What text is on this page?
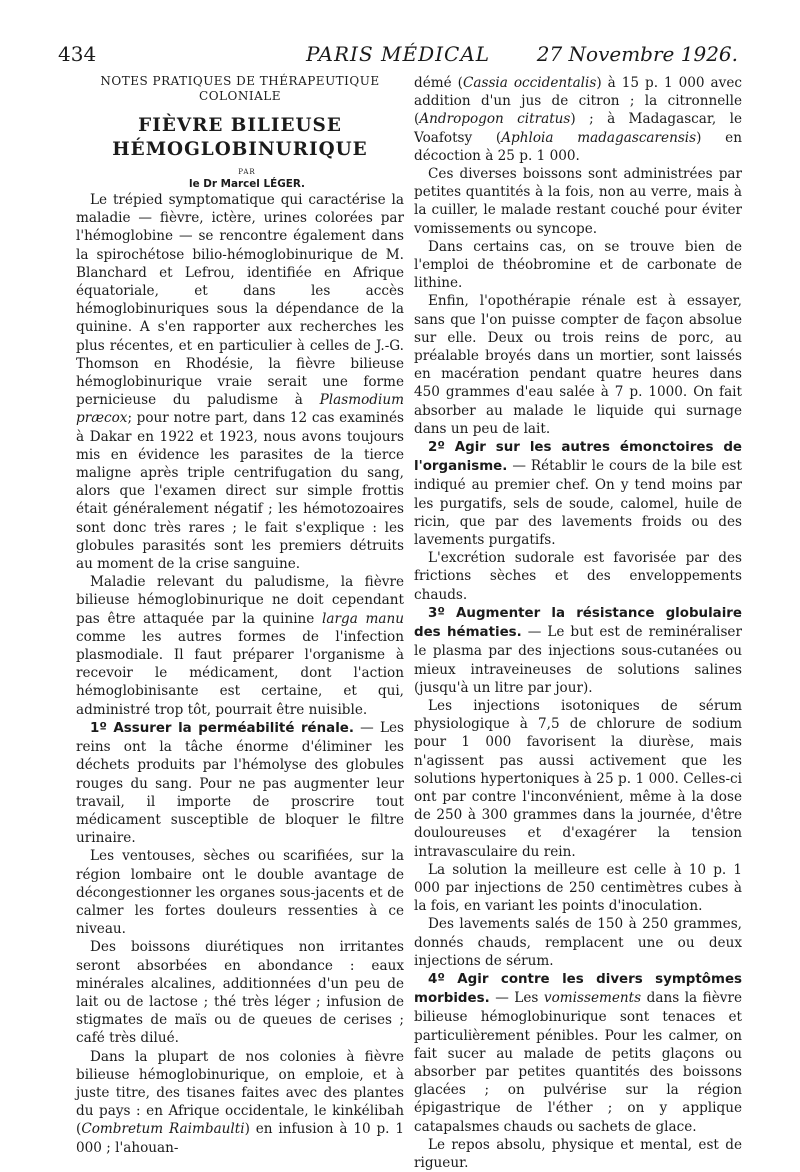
434	PARIS MÉDICAL	27 Novembre 1926.
NOTES PRATIQUES DE THÉRAPEUTIQUE
COLONIALE
FIÈVRE BILIEUSE
HÉMOGLOBINURIQUE

PAR

le Dr Marcel LÉGER.

Le trépied symptomatique qui caractérise la maladie — fièvre, ictère, urines colorées par l'hémoglobine — se rencontre également dans la spirochétose bilio-hémoglobinurique de M. Blanchard et Lefrou, identifiée en Afrique équatoriale, et dans les accès hémoglobinuriques sous la dépendance de la quinine. A s'en rapporter aux recherches les plus récentes, et en particulier à celles de J.-G. Thomson en Rhodésie, la fièvre bilieuse hémoglobinurique vraie serait une forme pernicieuse du paludisme à Plasmodium præcox; pour notre part, dans 12 cas examinés à Dakar en 1922 et 1923, nous avons toujours mis en évidence les parasites de la tierce maligne après triple centrifugation du sang, alors que l'examen direct sur simple frottis était généralement négatif ; les hémotozoaires sont donc très rares ; le fait s'explique : les globules parasités sont les premiers détruits au moment de la crise sanguine.

Maladie relevant du paludisme, la fièvre bilieuse hémoglobinurique ne doit cependant pas être attaquée par la quinine larga manu comme les autres formes de l'infection plasmodiale. Il faut préparer l'organisme à recevoir le médicament, dont l'action hémoglobinisante est certaine, et qui, administré trop tôt, pourrait être nuisible.

1º Assurer la perméabilité rénale. — Les reins ont la tâche énorme d'éliminer les déchets produits par l'hémolyse des globules rouges du sang. Pour ne pas augmenter leur travail, il importe de proscrire tout médicament susceptible de bloquer le filtre urinaire.

Les ventouses, sèches ou scarifiées, sur la région lombaire ont le double avantage de décongestionner les organes sous-jacents et de calmer les fortes douleurs ressenties à ce niveau.

Des boissons diurétiques non irritantes seront absorbées en abondance : eaux minérales alcalines, additionnées d'un peu de lait ou de lactose ; thé très léger ; infusion de stigmates de maïs ou de queues de cerises ; café très dilué.

Dans la plupart de nos colonies à fièvre bilieuse hémoglobinurique, on emploie, et à juste titre, des tisanes faites avec des plantes du pays : en Afrique occidentale, le kinkélibah (Combretum Raimbaulti) en infusion à 10 p. 1 000 ; l'ahouan-

démé (Cassia occidentalis) à 15 p. 1 000 avec addition d'un jus de citron ; la citronnelle (Andropogon citratus) ; à Madagascar, le Voafotsy (Aphloia madagascarensis) en décoction à 25 p. 1 000.

Ces diverses boissons sont administrées par petites quantités à la fois, non au verre, mais à la cuiller, le malade restant couché pour éviter vomissements ou syncope.

Dans certains cas, on se trouve bien de l'emploi de théobromine et de carbonate de lithine.

Enfin, l'opothérapie rénale est à essayer, sans que l'on puisse compter de façon absolue sur elle. Deux ou trois reins de porc, au préalable broyés dans un mortier, sont laissés en macération pendant quatre heures dans 450 grammes d'eau salée à 7 p. 1000. On fait absorber au malade le liquide qui surnage dans un peu de lait.

2º Agir sur les autres émonctoires de l'organisme. — Rétablir le cours de la bile est indiqué au premier chef. On y tend moins par les purgatifs, sels de soude, calomel, huile de ricin, que par des lavements froids ou des lavements purgatifs.

L'excrétion sudorale est favorisée par des frictions sèches et des enveloppements chauds.

3º Augmenter la résistance globulaire des hématies. — Le but est de reminéraliser le plasma par des injections sous-cutanées ou mieux intraveineuses de solutions salines (jusqu'à un litre par jour).

Les injections isotoniques de sérum physiologique à 7,5 de chlorure de sodium pour 1 000 favorisent la diurèse, mais n'agissent pas aussi activement que les solutions hypertoniques à 25 p. 1 000. Celles-ci ont par contre l'inconvénient, même à la dose de 250 à 300 grammes dans la journée, d'être douloureuses et d'exagérer la tension intravasculaire du rein.

La solution la meilleure est celle à 10 p. 1 000 par injections de 250 centimètres cubes à la fois, en variant les points d'inoculation.

Des lavements salés de 150 à 250 grammes, donnés chauds, remplacent une ou deux injections de sérum.

4º Agir contre les divers symptômes morbides. — Les vomissements dans la fièvre bilieuse hémoglobinurique sont tenaces et particulièrement pénibles. Pour les calmer, on fait sucer au malade de petits glaçons ou absorber par petites quantités des boissons glacées ; on pulvérise sur la région épigastrique de l'éther ; on y applique catapalsmes chauds ou sachets de glace.

Le repos absolu, physique et mental, est de rigueur.
